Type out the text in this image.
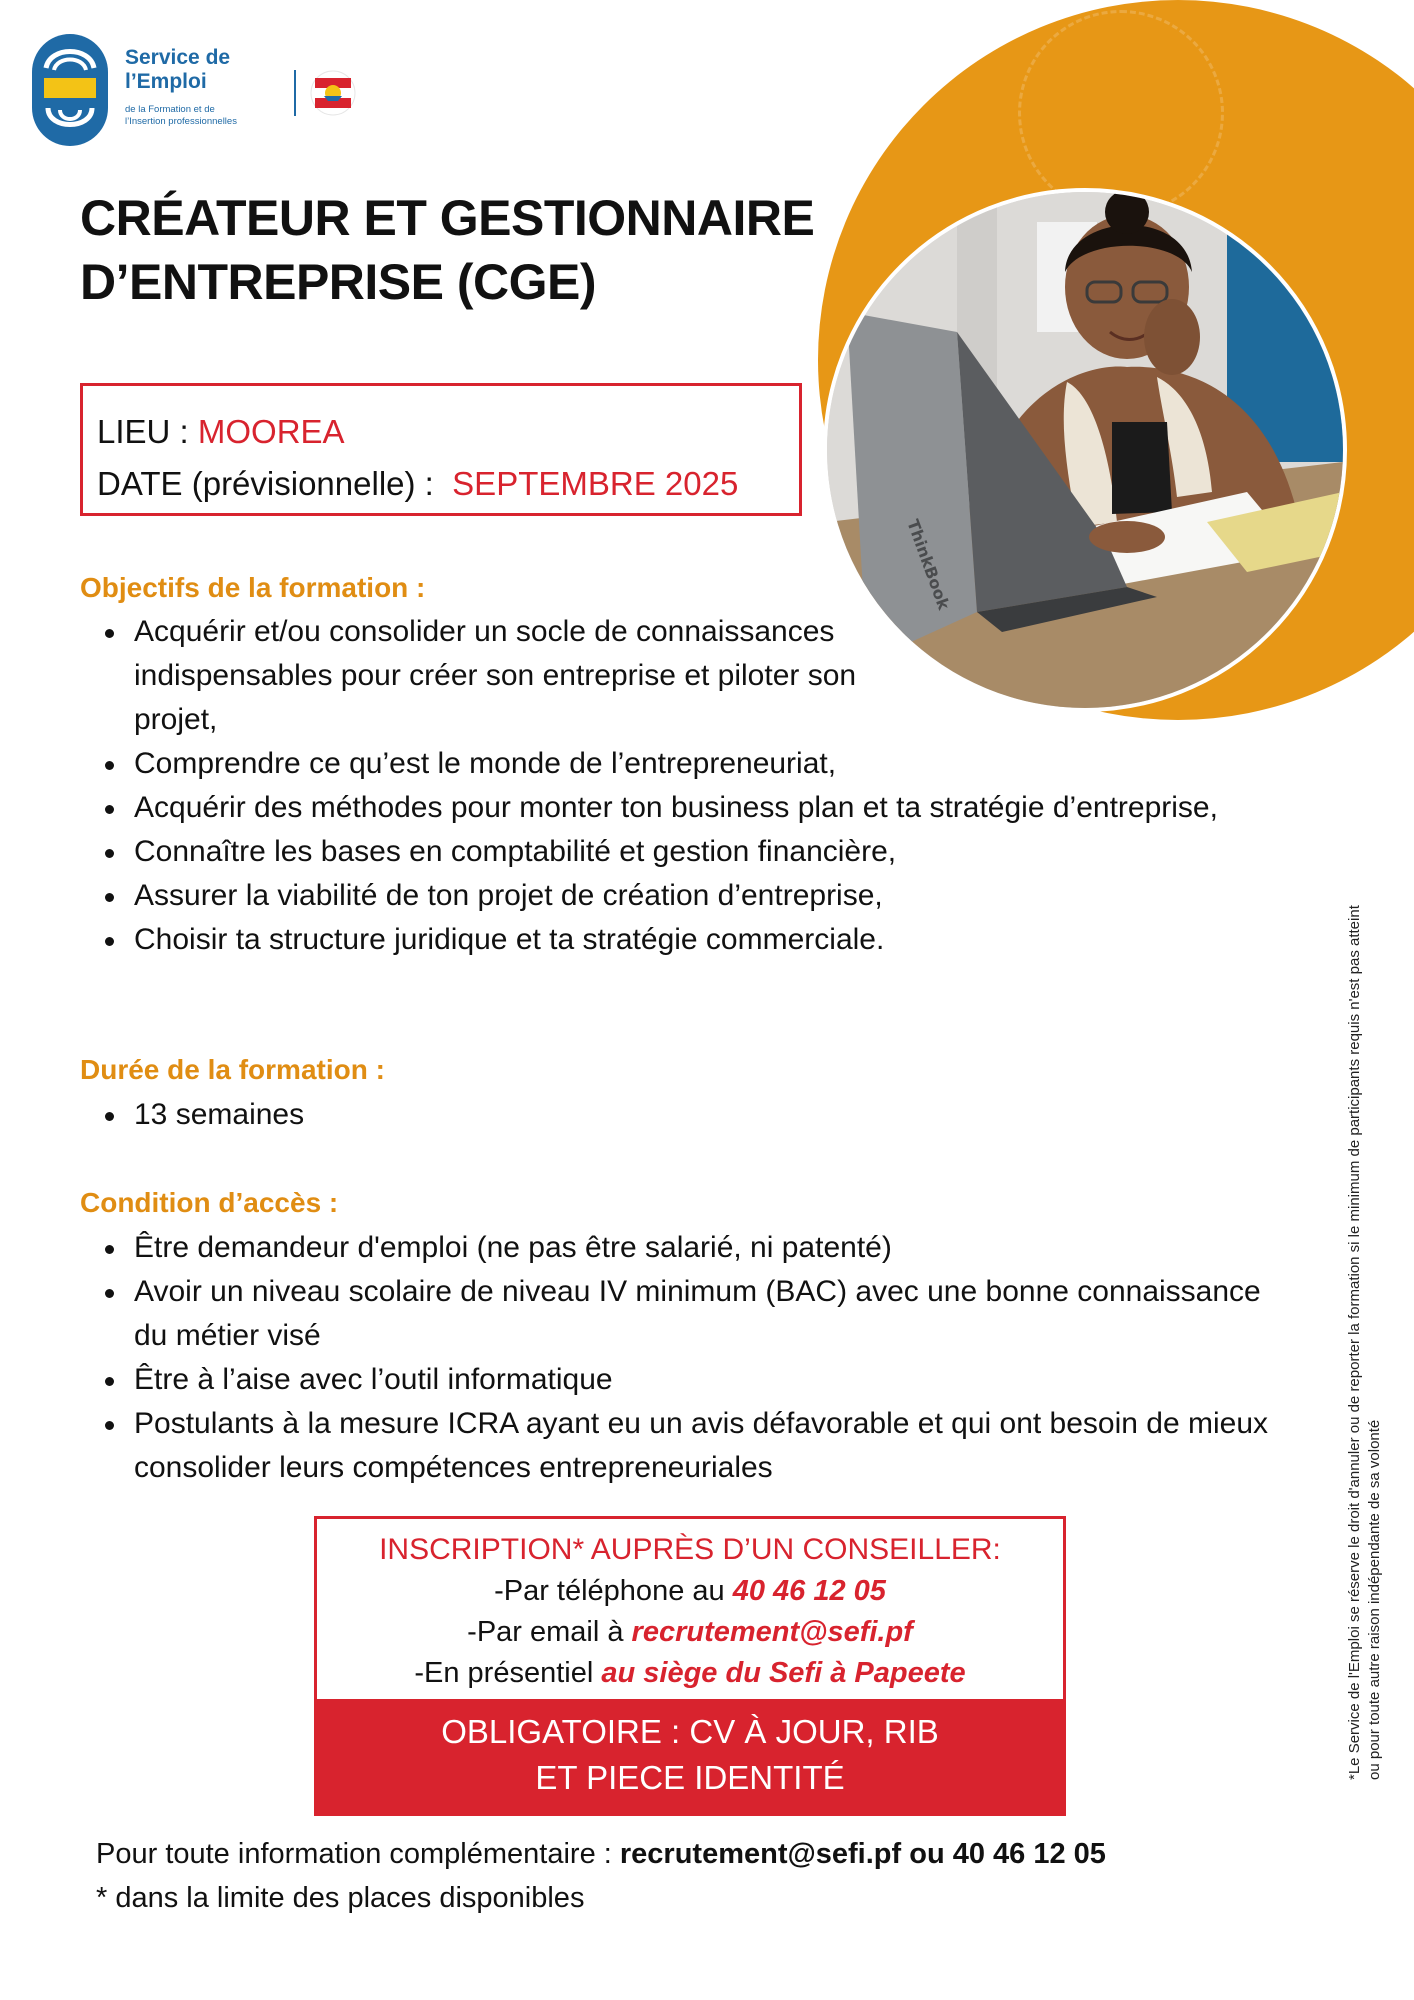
ThinkBook
Service de
l’Emploi
de la Formation et de
l’Insertion professionnelles
CRÉATEUR ET GESTIONNAIRE
D’ENTREPRISE (CGE)
LIEU : MOOREA
DATE (prévisionnelle) :  SEPTEMBRE 2025
Objectifs de la formation :
Acquérir et/ou consolider un socle de connaissances indispensables pour créer son entreprise et piloter son projet,
Comprendre ce qu’est le monde de l’entrepreneuriat,
Acquérir des méthodes pour monter ton business plan et ta stratégie d’entreprise,
Connaître les bases en comptabilité et gestion financière,
Assurer la viabilité de ton projet de création d’entreprise,
Choisir ta structure juridique et ta stratégie commerciale.
Durée de la formation :
13 semaines
Condition d’accès :
Être demandeur d'emploi (ne pas être salarié, ni patenté)
Avoir un niveau scolaire de niveau IV minimum (BAC) avec une bonne connaissance du métier visé
Être à l’aise avec l’outil informatique
Postulants à la mesure ICRA ayant eu un avis défavorable et qui ont besoin de mieux consolider leurs compétences entrepreneuriales
INSCRIPTION* AUPRÈS D’UN CONSEILLER:
-Par téléphone au 40 46 12 05
-Par email à recrutement@sefi.pf
-En présentiel au siège du Sefi à Papeete
OBLIGATOIRE : CV À JOUR, RIB
ET PIECE IDENTITÉ
Pour toute information complémentaire : recrutement@sefi.pf ou 40 46 12 05
* dans la limite des places disponibles
*Le Service de l'Emploi se réserve le droit d'annuler ou de reporter la formation si le minimum de participants requis n'est pas atteint
ou pour toute autre raison indépendante de sa volonté
